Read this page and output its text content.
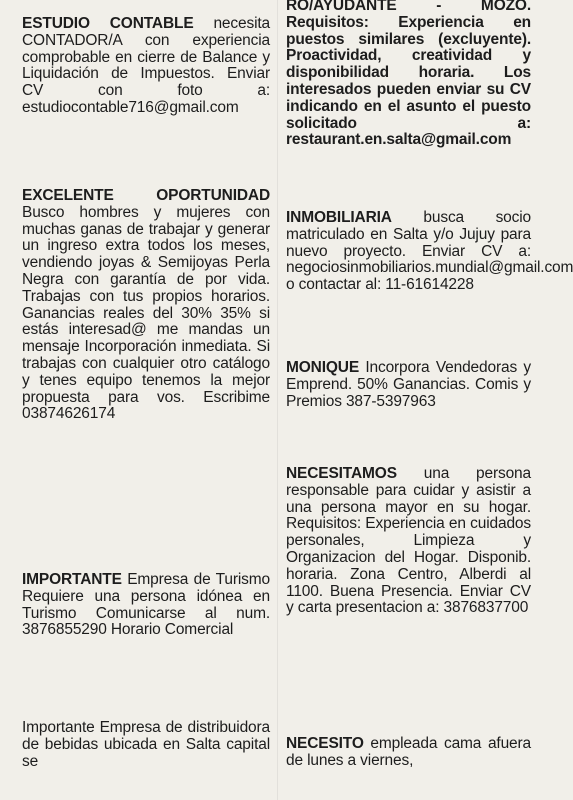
ESTUDIO CONTABLE necesita CONTADOR/A con experiencia comprobable en cierre de Balance y Liquidación de Impuestos. Enviar CV con foto a: estudiocontable716@gmail.com
EXCELENTE OPORTUNIDAD Busco hombres y mujeres con muchas ganas de trabajar y generar un ingreso extra todos los meses, vendiendo joyas & Semijoyas Perla Negra con garantía de por vida. Trabajas con tus propios horarios. Ganancias reales del 30% 35% si estás interesad@ me mandas un mensaje Incorporación inmediata. Si trabajas con cualquier otro catálogo y tenes equipo tenemos la mejor propuesta para vos. Escribime 03874626174
IMPORTANTE Empresa de Turismo Requiere una persona idónea en Turismo Comunicarse al num. 3876855290 Horario Comercial
Importante Empresa de distribuidora de bebidas ubicada en Salta capital se
RO/AYUDANTE - MOZO. Requisitos: Experiencia en puestos similares (excluyente). Proactividad, creatividad y disponibilidad horaria. Los interesados pueden enviar su CV indicando en el asunto el puesto solicitado a: restaurant.en.salta@gmail.com
INMOBILIARIA busca socio matriculado en Salta y/o Jujuy para nuevo proyecto. Enviar CV a: negociosinmobiliarios.mundial@gmail.com o contactar al: 11-61614228
MONIQUE Incorpora Vendedoras y Emprend. 50% Ganancias. Comis y Premios 387-5397963
NECESITAMOS una persona responsable para cuidar y asistir a una persona mayor en su hogar. Requisitos: Experiencia en cuidados personales, Limpieza y Organizacion del Hogar. Disponib. horaria. Zona Centro, Alberdi al 1100. Buena Presencia. Enviar CV y carta presentacion a: 3876837700
NECESITO empleada cama afuera de lunes a viernes,
